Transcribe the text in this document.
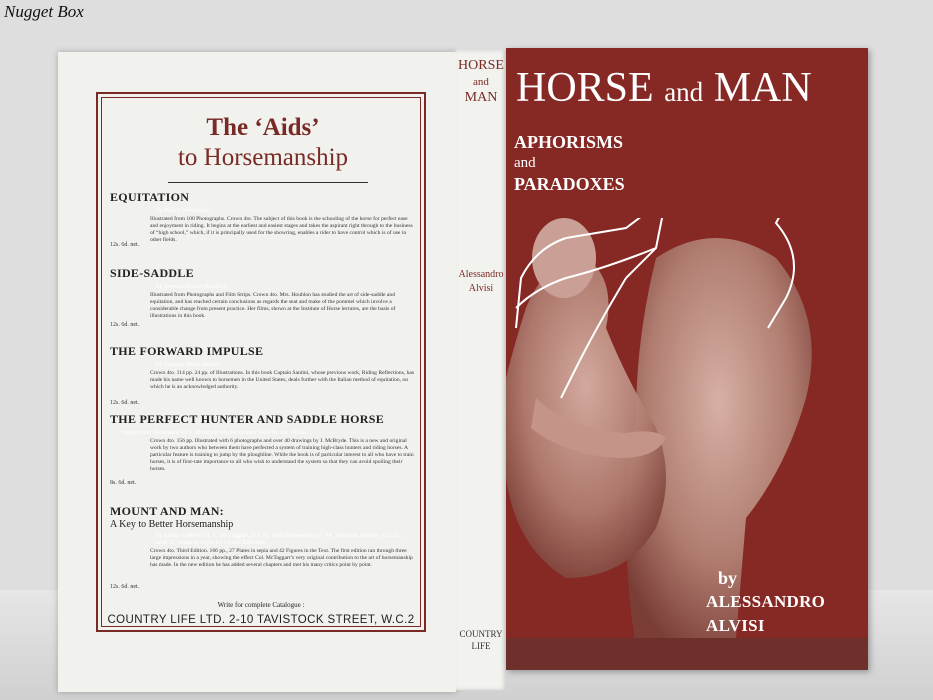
Nugget Box
The ‘Aids’
to Horsemanship
EQUITATION
by Henry Wynmalen
Illustrated from 100 Photographs. Crown 4to. The subject of this book is the schooling of the horse for perfect ease and enjoyment in riding. It begins at the earliest and easiest stages and takes the aspirant right through to the business of “high school,” which, if it is principally used for the showring, enables a rider to have control which is of use in other fields.
12s. 6d. net.
SIDE-SADDLE
by Doreen Archer Houblon
Illustrated from Photographs and Film Strips. Crown 4to. Mrs. Houblon has studied the art of side-saddle and equitation, and has reached certain conclusions as regards the seat and make of the pommel which involve a considerable change from present practice. Her films, shown at the Institute of Horse lectures, are the basis of illustrations in this book.
12s. 6d. net.
THE FORWARD IMPULSE
by Captain Piero Santini
Crown 4to. 114 pp. 24 pp. of Illustrations. In this book Captain Santini, whose previous work, Riding Reflections, has made his name well known to horsemen in the United States, deals further with the Italian method of equitation, on which he is an acknowledged authority.
12s. 6d. net.
THE PERFECT HUNTER AND SADDLE HORSE
written and illustrated by J. McBryde on the system used by Joe Hillier
Crown 4to. 156 pp. Illustrated with 6 photographs and over 40 drawings by J. McBryde. This is a new and original work by two authors who between them have perfected a system of training high-class hunters and riding horses. A particular feature is training to jump by the ploughline. While the book is of particular interest to all who have to train horses, it is of first-rate importance to all who wish to understand the system so that they can avoid spoiling their horses.
8s. 6d. net.
MOUNT AND MAN:
A Key to Better Horsemanship
by Lieut.-Colonel M. F. McTaggart, D.S.O., with foreword by F.-M. Viscount Allenby, G.C.B., with 27 plates in sepia by Lionel Edwards
Crown 4to. Third Edition. 166 pp., 27 Plates in sepia and 42 Figures in the Text. The first edition ran through three large impressions in a year, showing the effect Col. McTaggart’s very original contribution to the art of horsemanship has made. In the new edition he has added several chapters and met his many critics point by point.
12s. 6d. net.
Write for complete Catalogue :
COUNTRY LIFE LTD. 2-10 TAVISTOCK STREET, W.C.2
HORSE
and
MAN
Alessandro
Alvisi
COUNTRY
LIFE
HORSE and MAN
APHORISMS
and
PARADOXES
by
ALESSANDRO
ALVISI
